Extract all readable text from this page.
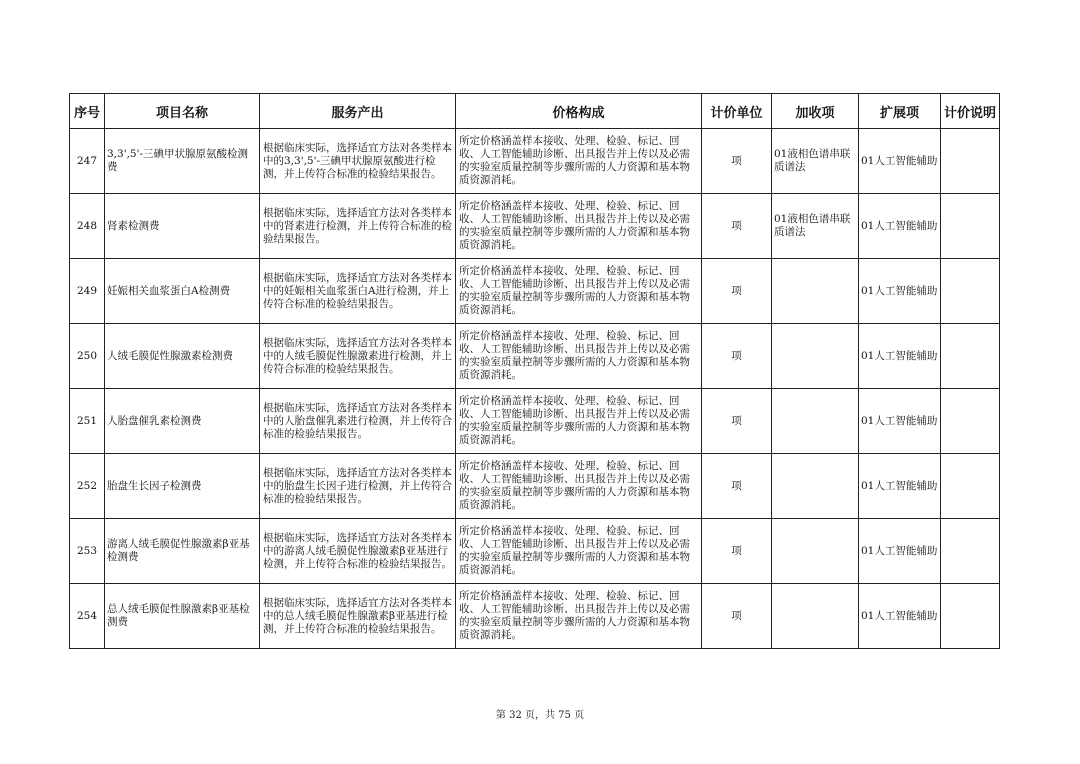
序号	项目名称	服务产出	价格构成	计价单位	加收项	扩展项	计价说明
247	3,3',5'-三碘甲状腺原氨酸检测费	根据临床实际，选择适宜方法对各类样本中的3,3',5'-三碘甲状腺原氨酸进行检测，并上传符合标准的检验结果报告。	所定价格涵盖样本接收、处理、检验、标记、回收、人工智能辅助诊断、出具报告并上传以及必需的实验室质量控制等步骤所需的人力资源和基本物质资源消耗。	项	01液相色谱串联质谱法	01人工智能辅助	
248	肾素检测费	根据临床实际，选择适宜方法对各类样本中的肾素进行检测，并上传符合标准的检验结果报告。	所定价格涵盖样本接收、处理、检验、标记、回收、人工智能辅助诊断、出具报告并上传以及必需的实验室质量控制等步骤所需的人力资源和基本物质资源消耗。	项	01液相色谱串联质谱法	01人工智能辅助	
249	妊娠相关血浆蛋白A检测费	根据临床实际，选择适宜方法对各类样本中的妊娠相关血浆蛋白A进行检测，并上传符合标准的检验结果报告。	所定价格涵盖样本接收、处理、检验、标记、回收、人工智能辅助诊断、出具报告并上传以及必需的实验室质量控制等步骤所需的人力资源和基本物质资源消耗。	项		01人工智能辅助	
250	人绒毛膜促性腺激素检测费	根据临床实际，选择适宜方法对各类样本中的人绒毛膜促性腺激素进行检测，并上传符合标准的检验结果报告。	所定价格涵盖样本接收、处理、检验、标记、回收、人工智能辅助诊断、出具报告并上传以及必需的实验室质量控制等步骤所需的人力资源和基本物质资源消耗。	项		01人工智能辅助	
251	人胎盘催乳素检测费	根据临床实际，选择适宜方法对各类样本中的人胎盘催乳素进行检测，并上传符合标准的检验结果报告。	所定价格涵盖样本接收、处理、检验、标记、回收、人工智能辅助诊断、出具报告并上传以及必需的实验室质量控制等步骤所需的人力资源和基本物质资源消耗。	项		01人工智能辅助	
252	胎盘生长因子检测费	根据临床实际，选择适宜方法对各类样本中的胎盘生长因子进行检测，并上传符合标准的检验结果报告。	所定价格涵盖样本接收、处理、检验、标记、回收、人工智能辅助诊断、出具报告并上传以及必需的实验室质量控制等步骤所需的人力资源和基本物质资源消耗。	项		01人工智能辅助	
253	游离人绒毛膜促性腺激素β亚基检测费	根据临床实际，选择适宜方法对各类样本中的游离人绒毛膜促性腺激素β亚基进行检测，并上传符合标准的检验结果报告。	所定价格涵盖样本接收、处理、检验、标记、回收、人工智能辅助诊断、出具报告并上传以及必需的实验室质量控制等步骤所需的人力资源和基本物质资源消耗。	项		01人工智能辅助	
254	总人绒毛膜促性腺激素β亚基检测费	根据临床实际，选择适宜方法对各类样本中的总人绒毛膜促性腺激素β亚基进行检测，并上传符合标准的检验结果报告。	所定价格涵盖样本接收、处理、检验、标记、回收、人工智能辅助诊断、出具报告并上传以及必需的实验室质量控制等步骤所需的人力资源和基本物质资源消耗。	项		01人工智能辅助	
第 32 页，共 75 页
